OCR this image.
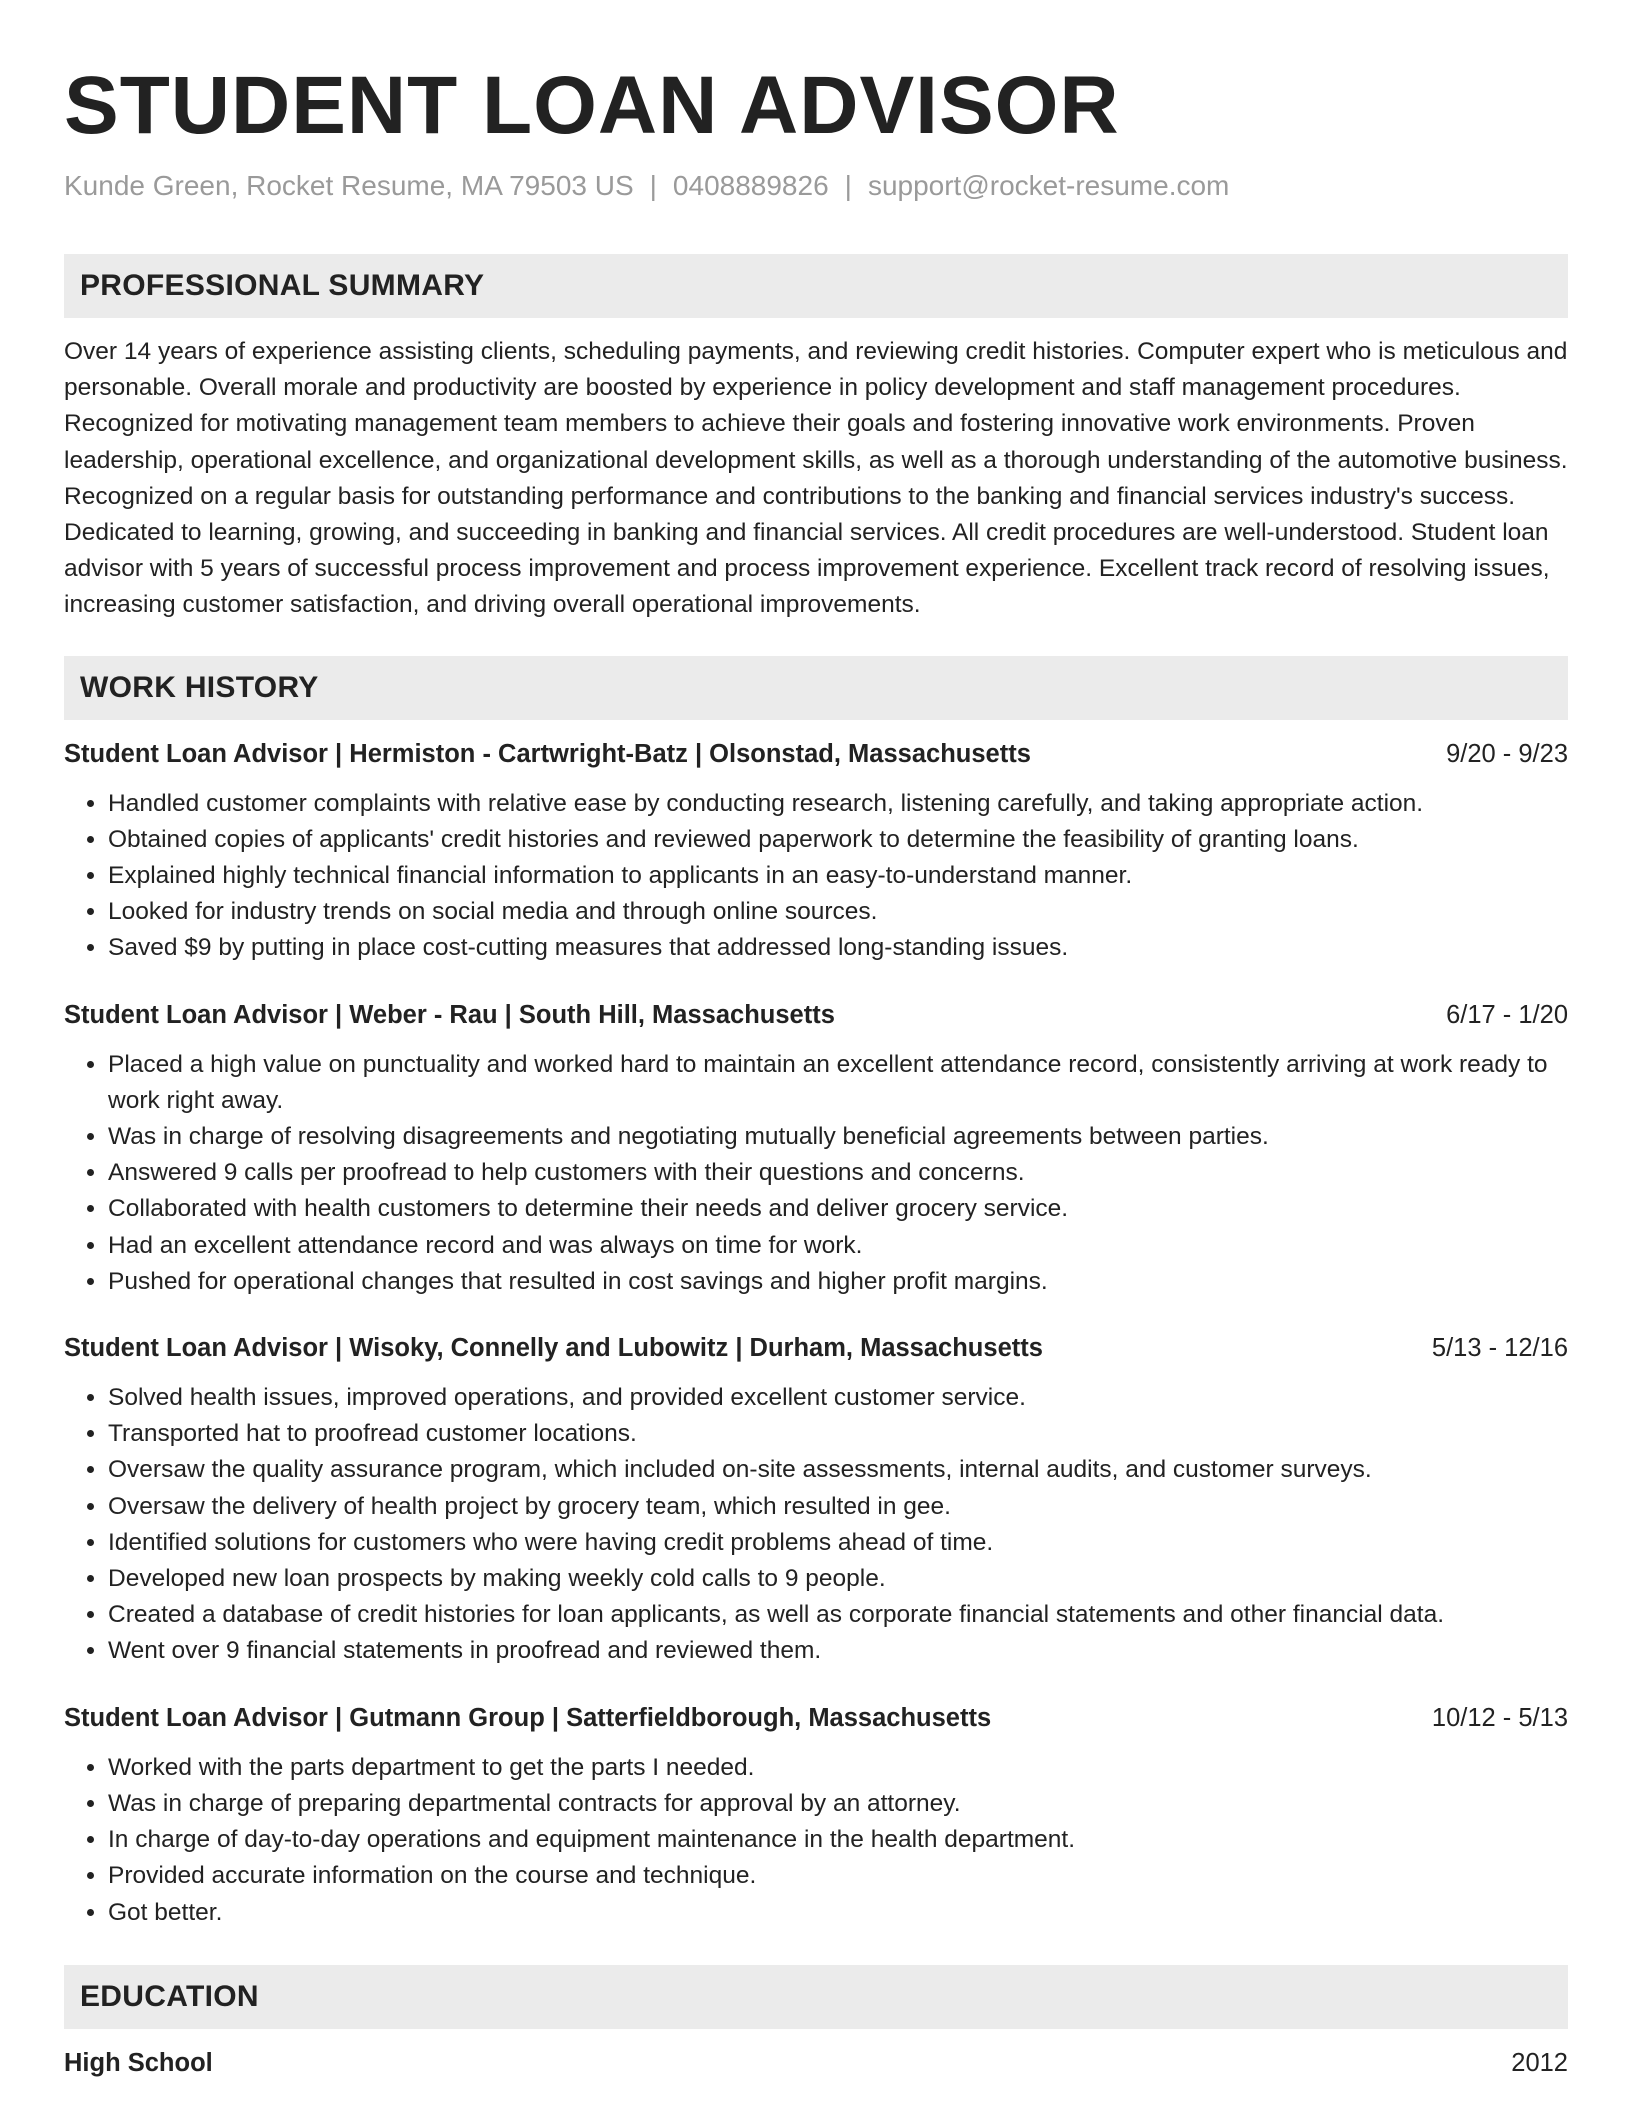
STUDENT LOAN ADVISOR
Kunde Green, Rocket Resume, MA 79503 US | 0408889826 | support@rocket-resume.com
PROFESSIONAL SUMMARY
Over 14 years of experience assisting clients, scheduling payments, and reviewing credit histories. Computer expert who is meticulous and personable. Overall morale and productivity are boosted by experience in policy development and staff management procedures. Recognized for motivating management team members to achieve their goals and fostering innovative work environments. Proven leadership, operational excellence, and organizational development skills, as well as a thorough understanding of the automotive business. Recognized on a regular basis for outstanding performance and contributions to the banking and financial services industry's success. Dedicated to learning, growing, and succeeding in banking and financial services. All credit procedures are well-understood. Student loan advisor with 5 years of successful process improvement and process improvement experience. Excellent track record of resolving issues, increasing customer satisfaction, and driving overall operational improvements.
WORK HISTORY
Student Loan Advisor | Hermiston - Cartwright-Batz | Olsonstad, Massachusetts	9/20 - 9/23
• Handled customer complaints with relative ease by conducting research, listening carefully, and taking appropriate action.
• Obtained copies of applicants' credit histories and reviewed paperwork to determine the feasibility of granting loans.
• Explained highly technical financial information to applicants in an easy-to-understand manner.
• Looked for industry trends on social media and through online sources.
• Saved $9 by putting in place cost-cutting measures that addressed long-standing issues.
Student Loan Advisor | Weber - Rau | South Hill, Massachusetts	6/17 - 1/20
• Placed a high value on punctuality and worked hard to maintain an excellent attendance record, consistently arriving at work ready to work right away.
• Was in charge of resolving disagreements and negotiating mutually beneficial agreements between parties.
• Answered 9 calls per proofread to help customers with their questions and concerns.
• Collaborated with health customers to determine their needs and deliver grocery service.
• Had an excellent attendance record and was always on time for work.
• Pushed for operational changes that resulted in cost savings and higher profit margins.
Student Loan Advisor | Wisoky, Connelly and Lubowitz | Durham, Massachusetts	5/13 - 12/16
• Solved health issues, improved operations, and provided excellent customer service.
• Transported hat to proofread customer locations.
• Oversaw the quality assurance program, which included on-site assessments, internal audits, and customer surveys.
• Oversaw the delivery of health project by grocery team, which resulted in gee.
• Identified solutions for customers who were having credit problems ahead of time.
• Developed new loan prospects by making weekly cold calls to 9 people.
• Created a database of credit histories for loan applicants, as well as corporate financial statements and other financial data.
• Went over 9 financial statements in proofread and reviewed them.
Student Loan Advisor | Gutmann Group | Satterfieldborough, Massachusetts	10/12 - 5/13
• Worked with the parts department to get the parts I needed.
• Was in charge of preparing departmental contracts for approval by an attorney.
• In charge of day-to-day operations and equipment maintenance in the health department.
• Provided accurate information on the course and technique.
• Got better.
EDUCATION
High School	2012
